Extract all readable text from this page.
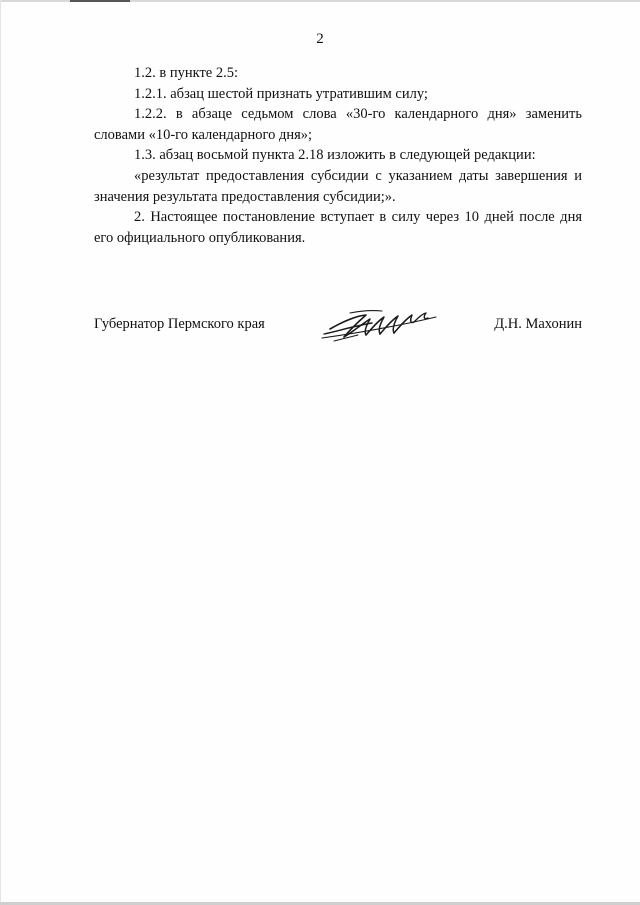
2

1.2. в пункте 2.5:

1.2.1. абзац шестой признать утратившим силу;

1.2.2. в абзаце седьмом слова «30-го календарного дня» заменить словами «10-го календарного дня»;

1.3. абзац восьмой пункта 2.18 изложить в следующей редакции:

«результат предоставления субсидии с указанием даты завершения и значения результата предоставления субсидии;».

2. Настоящее постановление вступает в силу через 10 дней после дня его официального опубликования.

Губернатор Пермского края	Д.Н. Махонин
